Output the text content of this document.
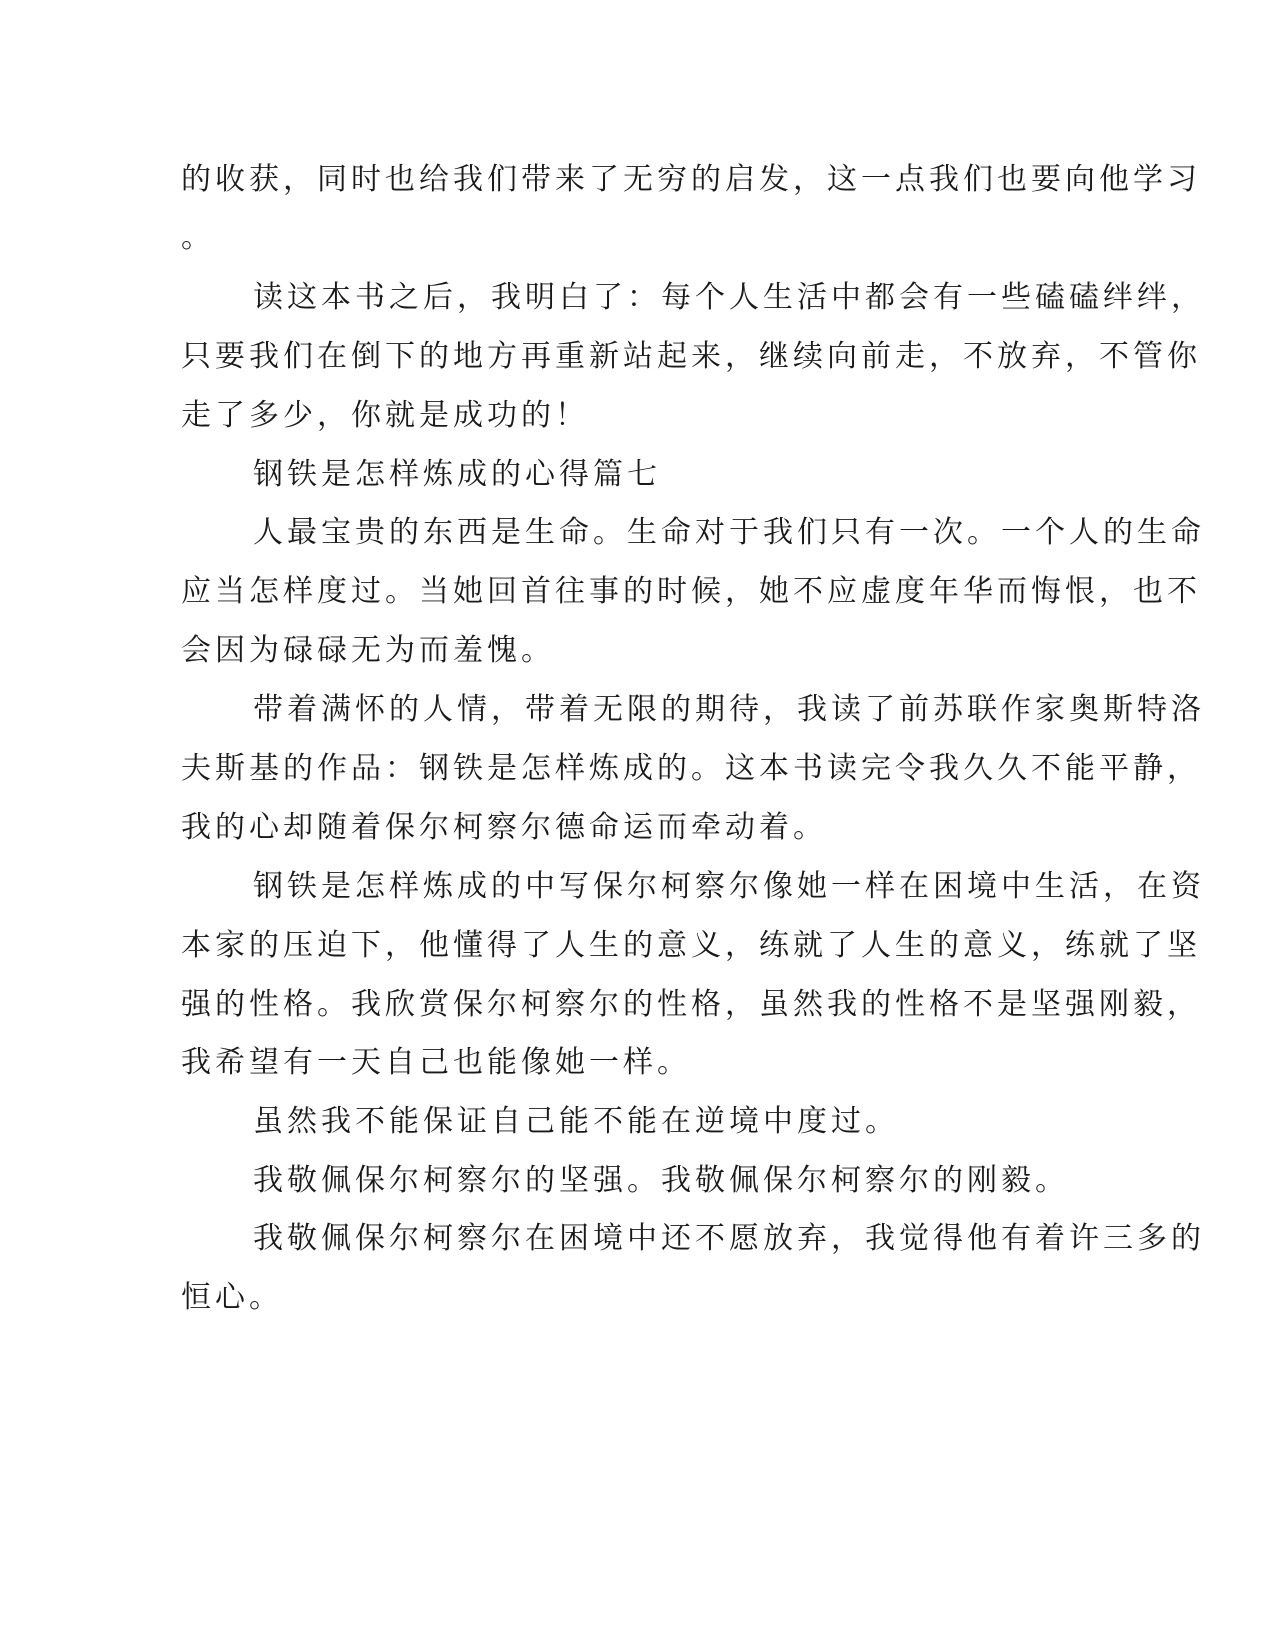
的收获，同时也给我们带来了无穷的启发，这一点我们也要向他学习
。
读这本书之后，我明白了：每个人生活中都会有一些磕磕绊绊，
只要我们在倒下的地方再重新站起来，继续向前走，不放弃，不管你
走了多少，你就是成功的！
钢铁是怎样炼成的心得篇七
人最宝贵的东西是生命。生命对于我们只有一次。一个人的生命
应当怎样度过。当她回首往事的时候，她不应虚度年华而悔恨，也不
会因为碌碌无为而羞愧。
带着满怀的人情，带着无限的期待，我读了前苏联作家奥斯特洛
夫斯基的作品：钢铁是怎样炼成的。这本书读完令我久久不能平静，
我的心却随着保尔柯察尔德命运而牵动着。
钢铁是怎样炼成的中写保尔柯察尔像她一样在困境中生活，在资
本家的压迫下，他懂得了人生的意义，练就了人生的意义，练就了坚
强的性格。我欣赏保尔柯察尔的性格，虽然我的性格不是坚强刚毅，
我希望有一天自己也能像她一样。
虽然我不能保证自己能不能在逆境中度过。
我敬佩保尔柯察尔的坚强。我敬佩保尔柯察尔的刚毅。
我敬佩保尔柯察尔在困境中还不愿放弃，我觉得他有着许三多的
恒心。
